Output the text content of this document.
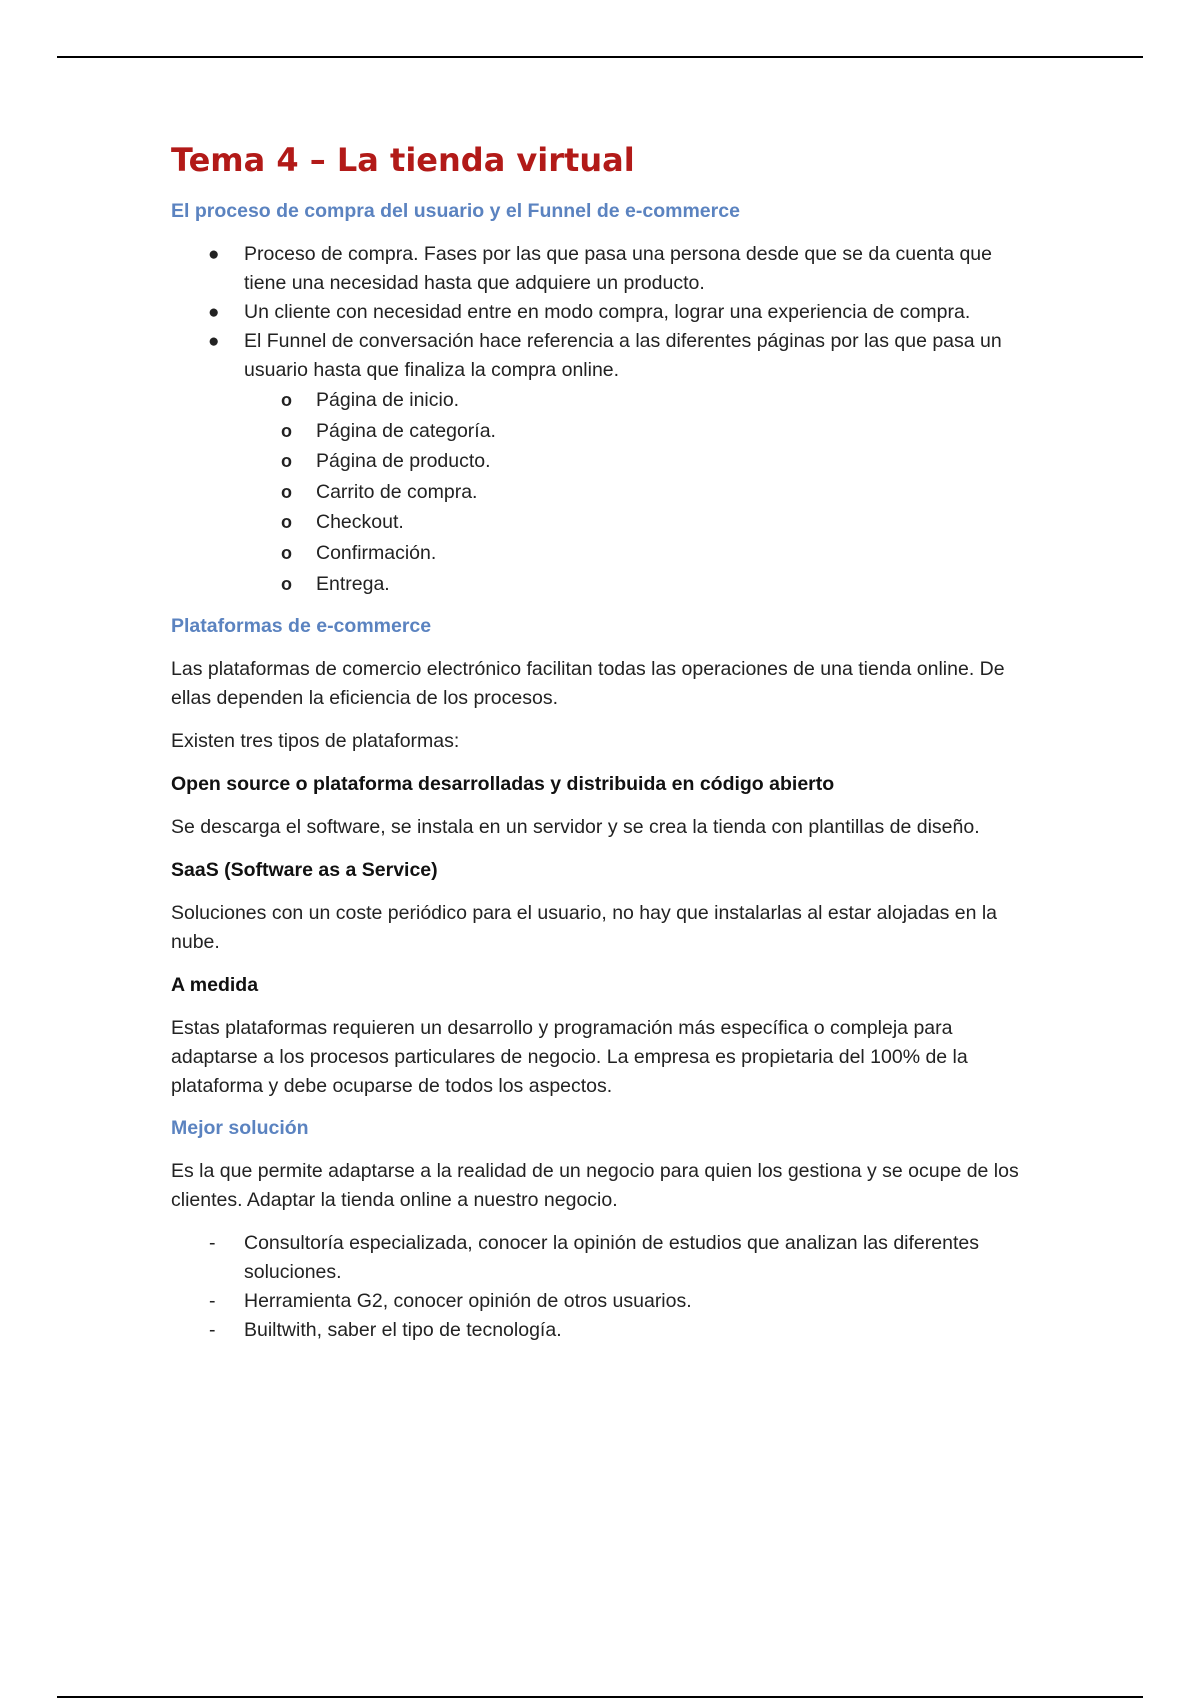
Tema 4 – La tienda virtual
El proceso de compra del usuario y el Funnel de e-commerce
● Proceso de compra. Fases por las que pasa una persona desde que se da cuenta que tiene una necesidad hasta que adquiere un producto.
● Un cliente con necesidad entre en modo compra, lograr una experiencia de compra.
● El Funnel de conversación hace referencia a las diferentes páginas por las que pasa un usuario hasta que finaliza la compra online.
o Página de inicio.
o Página de categoría.
o Página de producto.
o Carrito de compra.
o Checkout.
o Confirmación.
o Entrega.
Plataformas de e-commerce

Las plataformas de comercio electrónico facilitan todas las operaciones de una tienda online. De ellas dependen la eficiencia de los procesos.

Existen tres tipos de plataformas:

Open source o plataforma desarrolladas y distribuida en código abierto

Se descarga el software, se instala en un servidor y se crea la tienda con plantillas de diseño.

SaaS (Software as a Service)

Soluciones con un coste periódico para el usuario, no hay que instalarlas al estar alojadas en la nube.

A medida

Estas plataformas requieren un desarrollo y programación más específica o compleja para adaptarse a los procesos particulares de negocio. La empresa es propietaria del 100% de la plataforma y debe ocuparse de todos los aspectos.

Mejor solución

Es la que permite adaptarse a la realidad de un negocio para quien los gestiona y se ocupe de los clientes. Adaptar la tienda online a nuestro negocio.

- Consultoría especializada, conocer la opinión de estudios que analizan las diferentes soluciones.
- Herramienta G2, conocer opinión de otros usuarios.
- Builtwith, saber el tipo de tecnología.
